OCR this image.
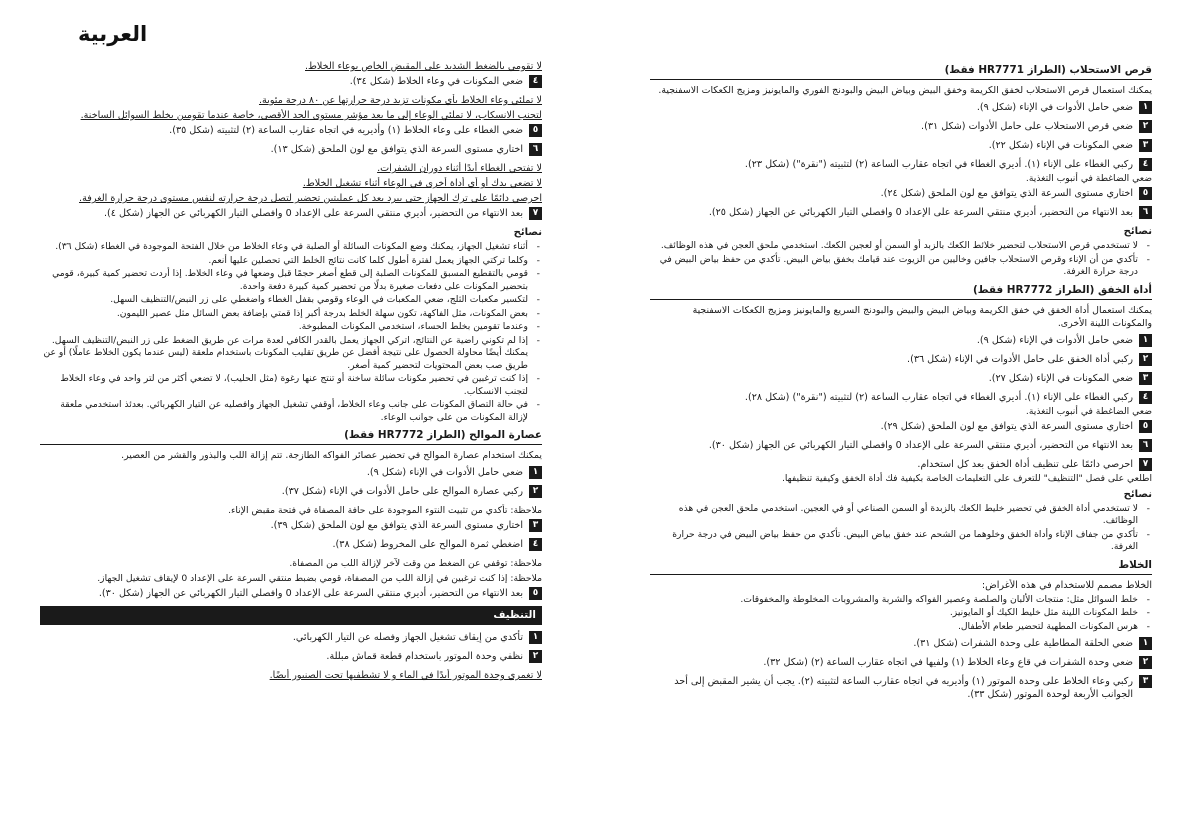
العربية

لا تقومي بالضغط الشديد على المقبض الخاص بوعاء الخلاط.

٤
ضعي المكونات في وعاء الخلاط (شكل ٣٤).

لا تملئي وعاء الخلاط بأي مكونات تزيد درجة حرارتها عن ٨٠ درجة مئوية.

لتجنب الانسكاب، لا تملئي الوعاء إلى ما بعد مؤشر مستوى الحد الأقصى، خاصة عندما تقومين بخلط السوائل الساخنة.

٥
ضعي الغطاء على وعاء الخلاط (١) وأديريه في اتجاه عقارب الساعة (٢) لتثبيته (شكل ٣٥).
٦
اختاري مستوى السرعة الذي يتوافق مع لون الملحق (شكل ١٣).

لا تفتحي الغطاء أبدًا أثناء دوران الشفرات.

لا تضعي يدك أو أي أداة أخرى في الوعاء أثناء تشغيل الخلاط.

احرصي دائمًا على ترك الجهاز حتى يبرد بعد كل عمليتين تحضير لتصل درجة حرارته لنفس مستوى درجة حرارة الغرفة.

٧
بعد الانتهاء من التحضير، أديري منتقي السرعة على الإعداد 0 وافصلي التيار الكهربائي عن الجهاز (شكل ٤).
نصائح
- أثناء تشغيل الجهاز، يمكنك وضع المكونات السائلة أو الصلبة في وعاء الخلاط من خلال الفتحة الموجودة في الغطاء (شكل ٣٦).
- وكلما تركتي الجهاز يعمل لفترة أطول كلما كانت نتائج الخلط التي تحصلين عليها أنعم.
- قومي بالتقطيع المسبق للمكونات الصلبة إلى قطع أصغر حجمًا قبل وضعها في وعاء الخلاط. إذا أردت تحضير كمية كبيرة، قومي بتحضير المكونات على دفعات صغيرة بدلًا من تحضير كمية كبيرة دفعة واحدة.
- لتكسير مكعبات الثلج، ضعي المكعبات في الوعاء وقومي بقفل الغطاء واضغطي على زر النبض/التنظيف السهل.
- بعض المكونات، مثل الفاكهة، تكون سهلة الخلط بدرجة أكبر إذا قمتي بإضافة بعض السائل مثل عصير الليمون.
- وعندما تقومين بخلط الحساء، استخدمي المكونات المطبوخة.
- إذا لم تكوني راضية عن النتائج، اتركي الجهاز يعمل بالقدر الكافي لعدة مرات عن طريق الضغط على زر النبض/التنظيف السهل. يمكنك أيضًا محاولة الحصول على نتيجة أفضل عن طريق تقليب المكونات باستخدام ملعقة (ليس عندما يكون الخلاط عاملًا) أو عن طريق صب بعض المحتويات لتحضير كمية أصغر.
- إذا كنت ترغبين في تحضير مكونات سائلة ساخنة أو تنتج عنها رغوة (مثل الحليب)، لا تضعي أكثر من لتر واحد في وعاء الخلاط لتجنب الانسكاب.
- في حالة التصاق المكونات على جانب وعاء الخلاط، أوقفي تشغيل الجهاز وافصليه عن التيار الكهربائي. بعدئذ استخدمي ملعقة لإزالة المكونات من على جوانب الوعاء.
عصارة الموالح (الطراز HR7772 فقط)

يمكنك استخدام عصارة الموالح في تحضير عصائر الفواكه الطازجة. تتم إزالة اللب والبذور والقشر من العصير.

١
ضعي حامل الأدوات في الإناء (شكل ٩).
٢
ركبي عصارة الموالح على حامل الأدوات في الإناء (شكل ٣٧).

ملاحظة: تأكدي من تثبيت النتوء الموجودة على حافة المصفاة في فتحة مقبض الإناء.

٣
اختاري مستوى السرعة الذي يتوافق مع لون الملحق (شكل ٣٩).
٤
اضغطي ثمرة الموالح على المخروط (شكل ٣٨).

ملاحظة: توقفي عن الضغط من وقت لآخر لإزالة اللب من المصفاة.

ملاحظة: إذا كنت ترغبين في إزالة اللب من المصفاة، قومي بضبط منتقي السرعة على الإعداد 0 لإيقاف تشغيل الجهاز.

٥
بعد الانتهاء من التحضير، أديري منتقي السرعة على الإعداد 0 وافصلي التيار الكهربائي عن الجهاز (شكل ٣٠).
التنظيف
١
تأكدي من إيقاف تشغيل الجهاز وفصله عن التيار الكهربائي.
٢
نظفي وحدة الموتور باستخدام قطعة قماش مبللة.

لا تغمري وحدة الموتور أبدًا في الماء و لا تشطفيها تحت الصنبور أيضًا.

قرص الاستحلاب (الطراز HR7771 فقط)

يمكنك استعمال قرص الاستحلاب لخفق الكريمة وخفق البيض وبياض البيض والبودنج الفوري والمايونيز ومزيج الكعكات الاسفنجية.

١
ضعي حامل الأدوات في الإناء (شكل ٩).
٢
ضعي قرص الاستحلاب على حامل الأدوات (شكل ٣١).
٣
ضعي المكونات في الإناء (شكل ٢٢).
٤
ركبي الغطاء على الإناء (١). أديري الغطاء في اتجاه عقارب الساعة (٢) لتثبيته ("نقرة") (شكل ٢٣).

ضعي الضاغطة في أنبوب التغذية.

٥
اختاري مستوى السرعة الذي يتوافق مع لون الملحق (شكل ٢٤).
٦
بعد الانتهاء من التحضير، أديري منتقي السرعة على الإعداد 0 وافصلي التيار الكهربائي عن الجهاز (شكل ٢٥).
نصائح
- لا تستخدمي قرص الاستحلاب لتحضير خلائط الكعك بالزبد أو السمن أو لعجين الكعك. استخدمي ملحق العجن في هذه الوظائف.
- تأكدي من أن الإناء وقرص الاستحلاب جافين وخاليين من الزيوت عند قيامك بخفق بياض البيض. تأكدي من حفظ بياض البيض في درجة حرارة الغرفة.
أداة الخفق (الطراز HR7772 فقط)

يمكنك استعمال أداة الخفق في خفق الكريمة وبياض البيض والبيض والبودنج السريع والمايونيز ومزيج الكعكات الاسفنجية والمكونات اللينة الأخرى.

١
ضعي حامل الأدوات في الإناء (شكل ٩).
٢
ركبي أداة الخفق على حامل الأدوات في الإناء (شكل ٣٦).
٣
ضعي المكونات في الإناء (شكل ٢٧).
٤
ركبي الغطاء على الإناء (١). أديري الغطاء في اتجاه عقارب الساعة (٢) لتثبيته ("نقرة") (شكل ٢٨).

ضعي الضاغطة في أنبوب التغذية.

٥
اختاري مستوى السرعة الذي يتوافق مع لون الملحق (شكل ٢٩).
٦
بعد الانتهاء من التحضير، أديري منتقي السرعة على الإعداد 0 وافصلي التيار الكهربائي عن الجهاز (شكل ٣٠).
٧
احرصي دائمًا على تنظيف أداة الخفق بعد كل استخدام.

اطلعي على فصل "التنظيف" للتعرف على التعليمات الخاصة بكيفية فك أداة الخفق وكيفية تنظيفها.

نصائح
- لا تستخدمي أداة الخفق في تحضير خليط الكعك بالزبدة أو السمن الصناعي أو في العجين. استخدمي ملحق العجن في هذه الوظائف.
- تأكدي من جفاف الإناء وأداة الخفق وخلوهما من الشحم عند خفق بياض البيض. تأكدي من حفظ بياض البيض في درجة حرارة الغرفة.
الخلاط

الخلاط مصمم للاستخدام في هذه الأغراض:

- خلط السوائل مثل: منتجات الألبان والصلصة وعصير الفواكه والشربة والمشروبات المخلوطة والمخفوقات.
- خلط المكونات اللينة مثل خليط الكيك أو المايونيز.
- هرس المكونات المطهية لتحضير طعام الأطفال.
١
ضعي الحلقة المطاطية على وحدة الشفرات (شكل ٣١).
٢
ضعي وحدة الشفرات في قاع وعاء الخلاط (١) ولفيها في اتجاه عقارب الساعة (٢) (شكل ٣٢).
٣
ركبي وعاء الخلاط على وحدة الموتور (١) وأديريه في اتجاه عقارب الساعة لتثبيته (٢). يجب أن يشير المقبض إلى أحد الجوانب الأربعة لوحدة الموتور (شكل ٣٣).
